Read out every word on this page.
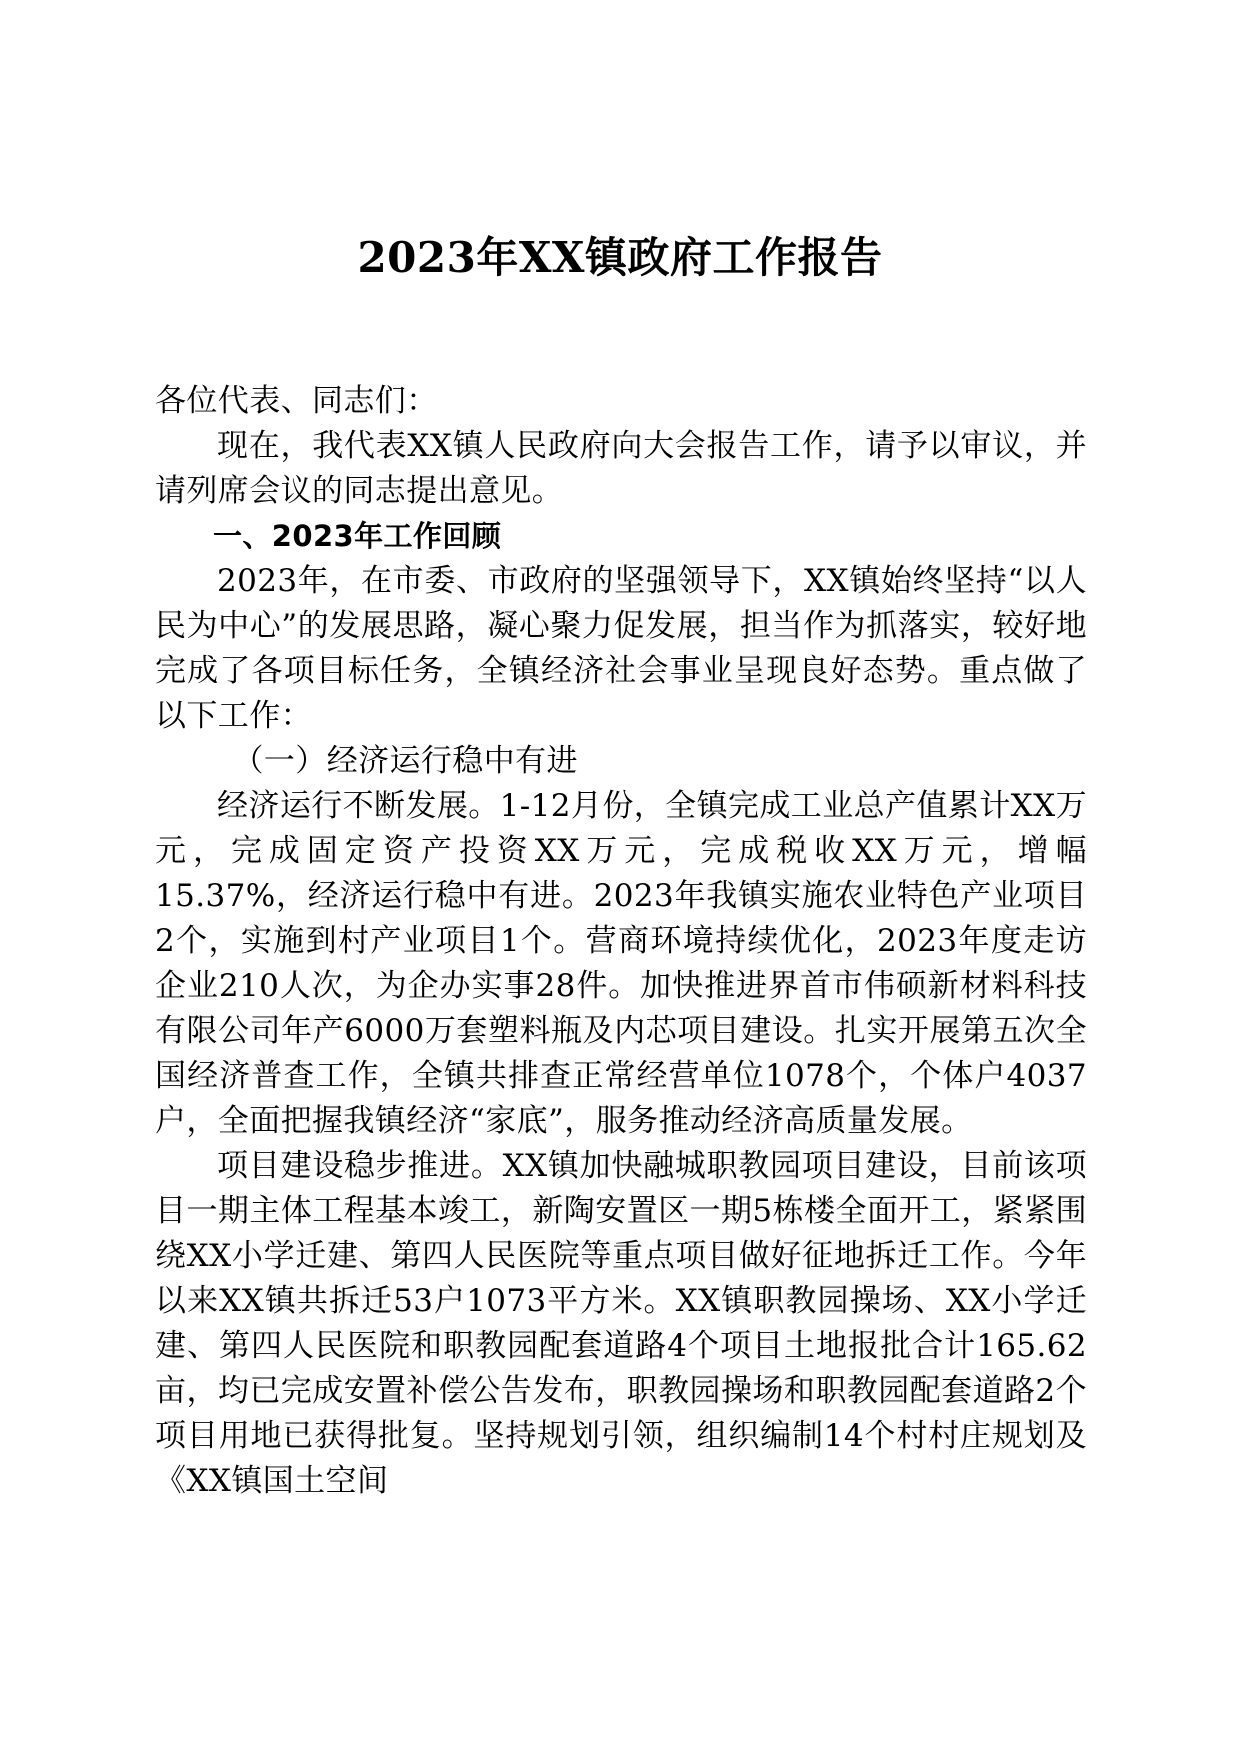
2023年XX镇政府工作报告

各位代表、同志们：

现在，我代表XX镇人民政府向大会报告工作，请予以审议，并请列席会议的同志提出意见。

一、2023年工作回顾

2023年，在市委、市政府的坚强领导下，XX镇始终坚持“以人民为中心”的发展思路，凝心聚力促发展，担当作为抓落实，较好地完成了各项目标任务，全镇经济社会事业呈现良好态势。重点做了以下工作：

（一）经济运行稳中有进

经济运行不断发展。1-12月份，全镇完成工业总产值累计XX万元，完成固定资产投资XX万元，完成税收XX万元，增幅15.37%，经济运行稳中有进。2023年我镇实施农业特色产业项目2个，实施到村产业项目1个。营商环境持续优化，2023年度走访企业210人次，为企办实事28件。加快推进界首市伟硕新材料科技有限公司年产6000万套塑料瓶及内芯项目建设。扎实开展第五次全国经济普查工作，全镇共排查正常经营单位1078个，个体户4037户，全面把握我镇经济“家底”，服务推动经济高质量发展。

项目建设稳步推进。XX镇加快融城职教园项目建设，目前该项目一期主体工程基本竣工，新陶安置区一期5栋楼全面开工，紧紧围绕XX小学迁建、第四人民医院等重点项目做好征地拆迁工作。今年以来XX镇共拆迁53户1073平方米。XX镇职教园操场、XX小学迁建、第四人民医院和职教园配套道路4个项目土地报批合计165.62亩，均已完成安置补偿公告发布，职教园操场和职教园配套道路2个项目用地已获得批复。坚持规划引领，组织编制14个村村庄规划及《XX镇国土空间
